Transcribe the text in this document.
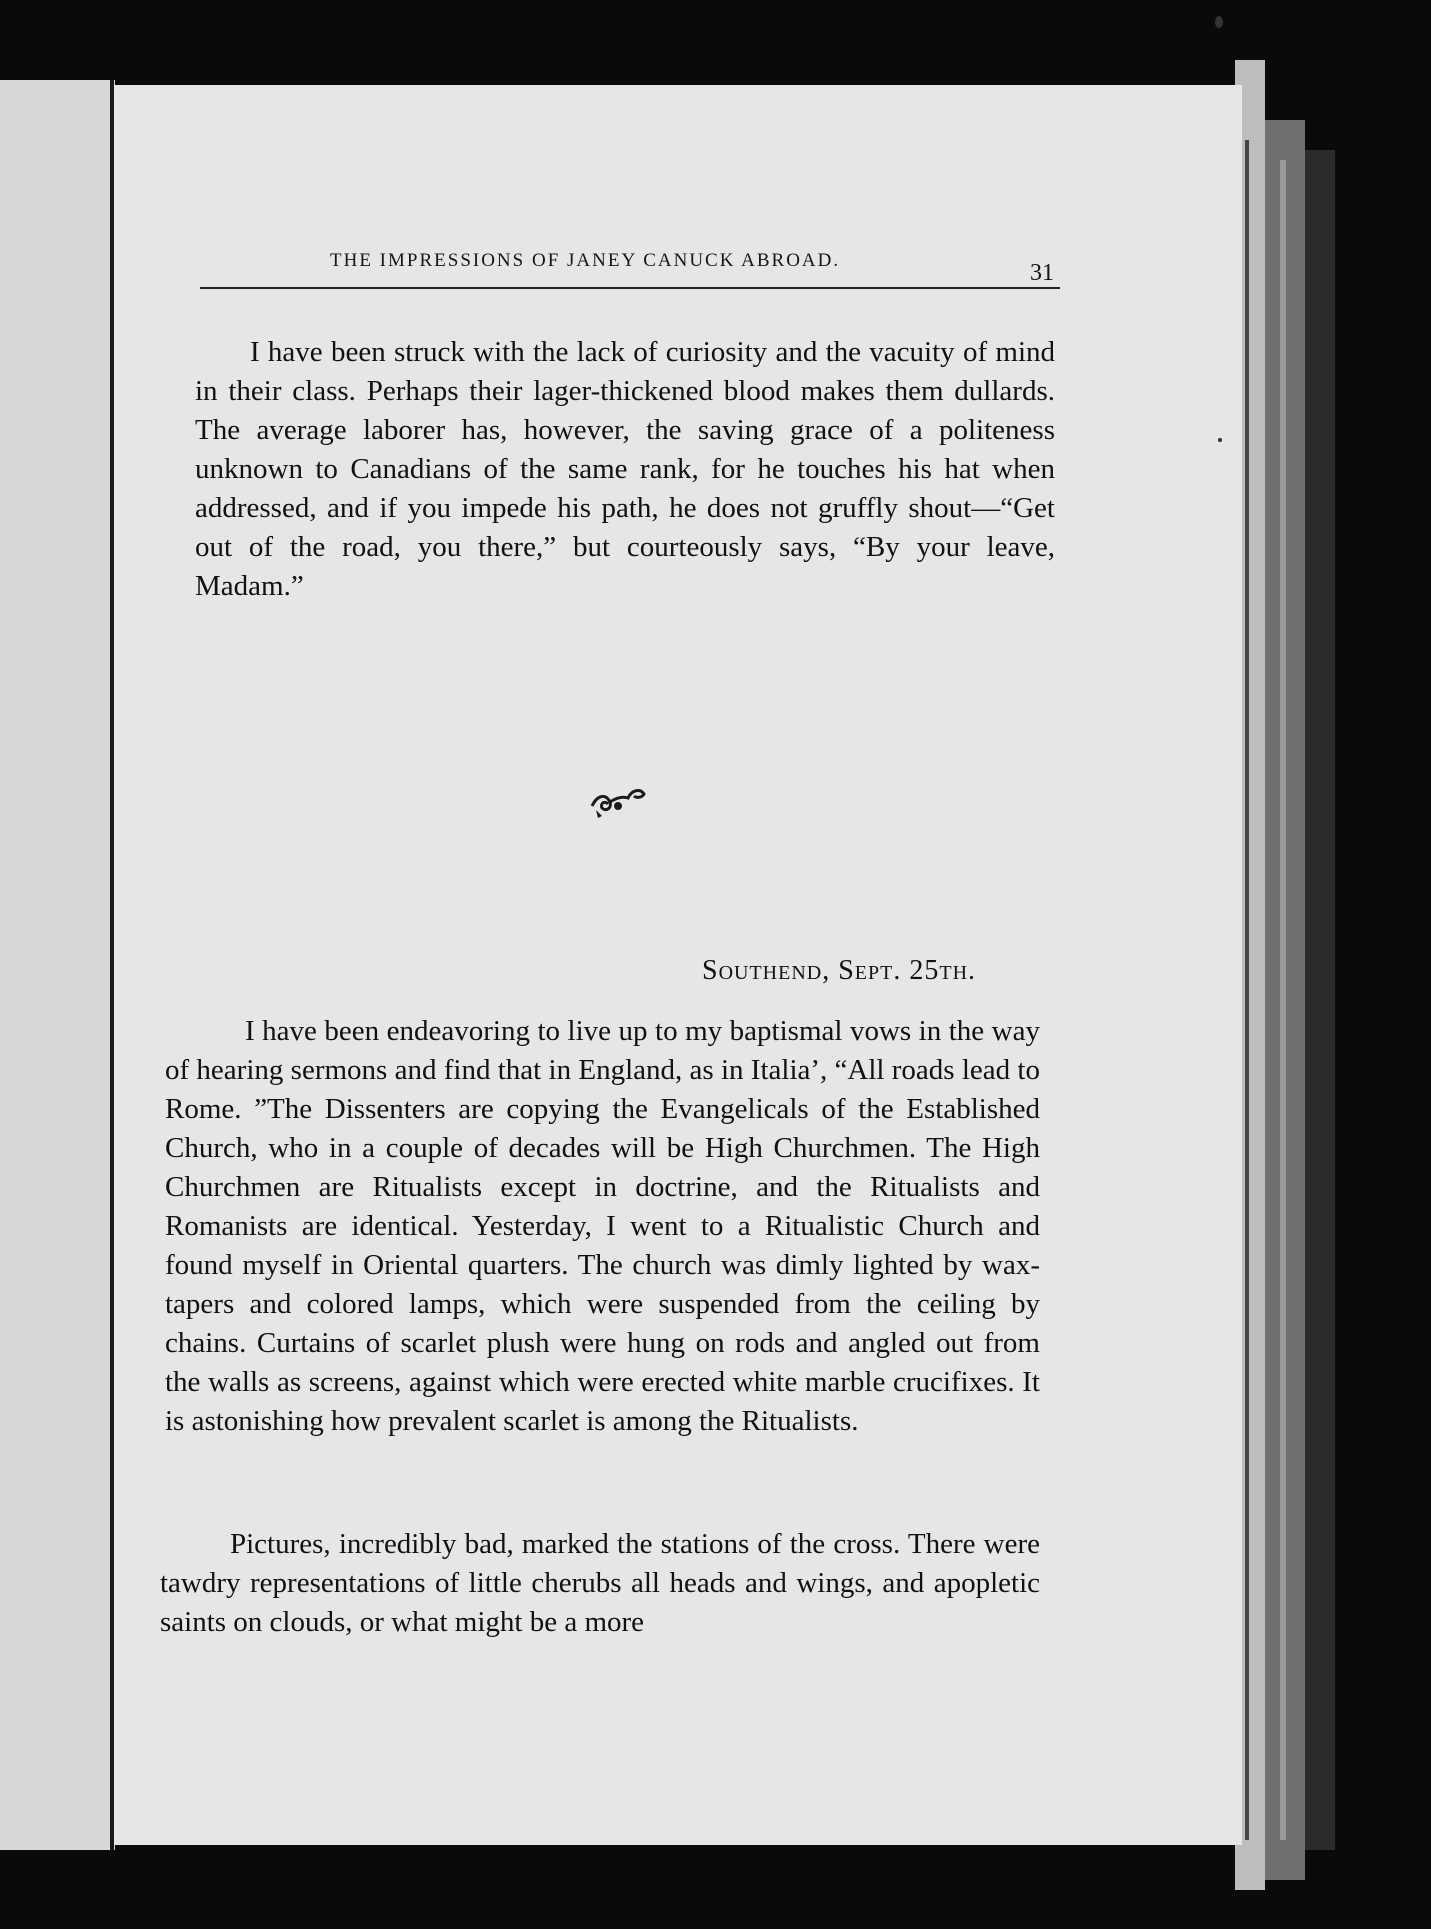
THE IMPRESSIONS OF JANEY CANUCK ABROAD.	31

I have been struck with the lack of curiosity and the vacuity of mind in their class. Perhaps their lager-thickened blood makes them dullards. The average laborer has, however, the saving grace of a politeness unknown to Canadians of the same rank, for he touches his hat when addressed, and if you impede his path, he does not gruffly shout—“Get out of the road, you there,” but courteously says, “By your leave, Madam.”

Southend, Sept. 25th.

I have been endeavoring to live up to my baptismal vows in the way of hearing sermons and find that in England, as in Italia’, “All roads lead to Rome. ”The Dissenters are copying the Evangelicals of the Established Church, who in a couple of decades will be High Churchmen. The High Churchmen are Ritualists except in doctrine, and the Ritualists and Romanists are identical. Yesterday, I went to a Ritualistic Church and found myself in Oriental quarters. The church was dimly lighted by wax-tapers and colored lamps, which were suspended from the ceiling by chains. Curtains of scarlet plush were hung on rods and angled out from the walls as screens, against which were erected white marble crucifixes. It is astonishing how prevalent scarlet is among the Ritualists.

Pictures, incredibly bad, marked the stations of the cross. There were tawdry representations of little cherubs all heads and wings, and apopletic saints on clouds, or what might be a more
